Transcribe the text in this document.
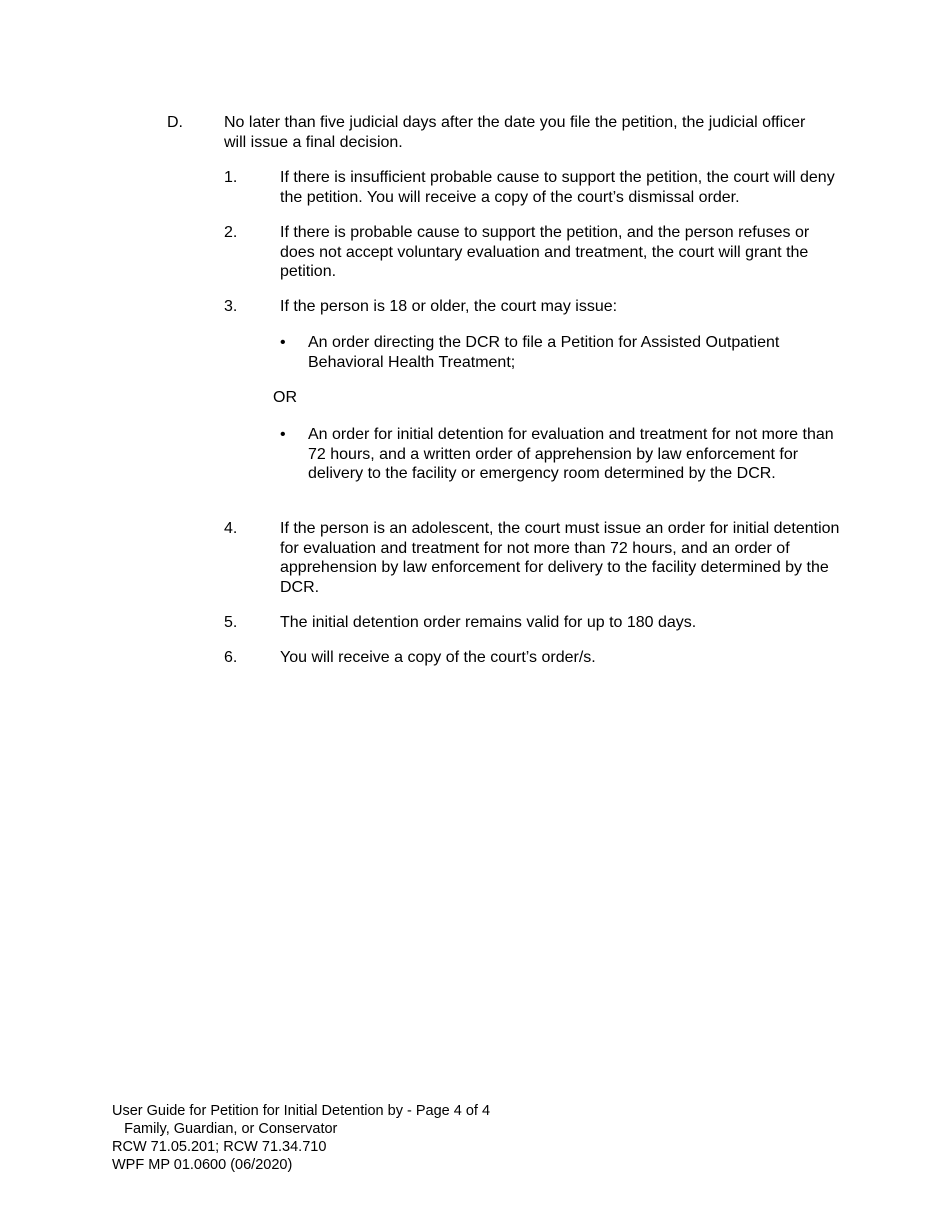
D.	No later than five judicial days after the date you file the petition, the judicial officer will issue a final decision.
1.	If there is insufficient probable cause to support the petition, the court will deny the petition. You will receive a copy of the court’s dismissal order.
2.	If there is probable cause to support the petition, and the person refuses or does not accept voluntary evaluation and treatment, the court will grant the petition.
3.	If the person is 18 or older, the court may issue:
• An order directing the DCR to file a Petition for Assisted Outpatient Behavioral Health Treatment;
OR
• An order for initial detention for evaluation and treatment for not more than 72 hours, and a written order of apprehension by law enforcement for delivery to the facility or emergency room determined by the DCR.
4.	If the person is an adolescent, the court must issue an order for initial detention for evaluation and treatment for not more than 72 hours, and an order of apprehension by law enforcement for delivery to the facility determined by the DCR.
5.	The initial detention order remains valid for up to 180 days.
6.	You will receive a copy of the court’s order/s.
User Guide for Petition for Initial Detention by - Page 4 of 4
Family, Guardian, or Conservator
RCW 71.05.201; RCW 71.34.710
WPF MP 01.0600 (06/2020)
